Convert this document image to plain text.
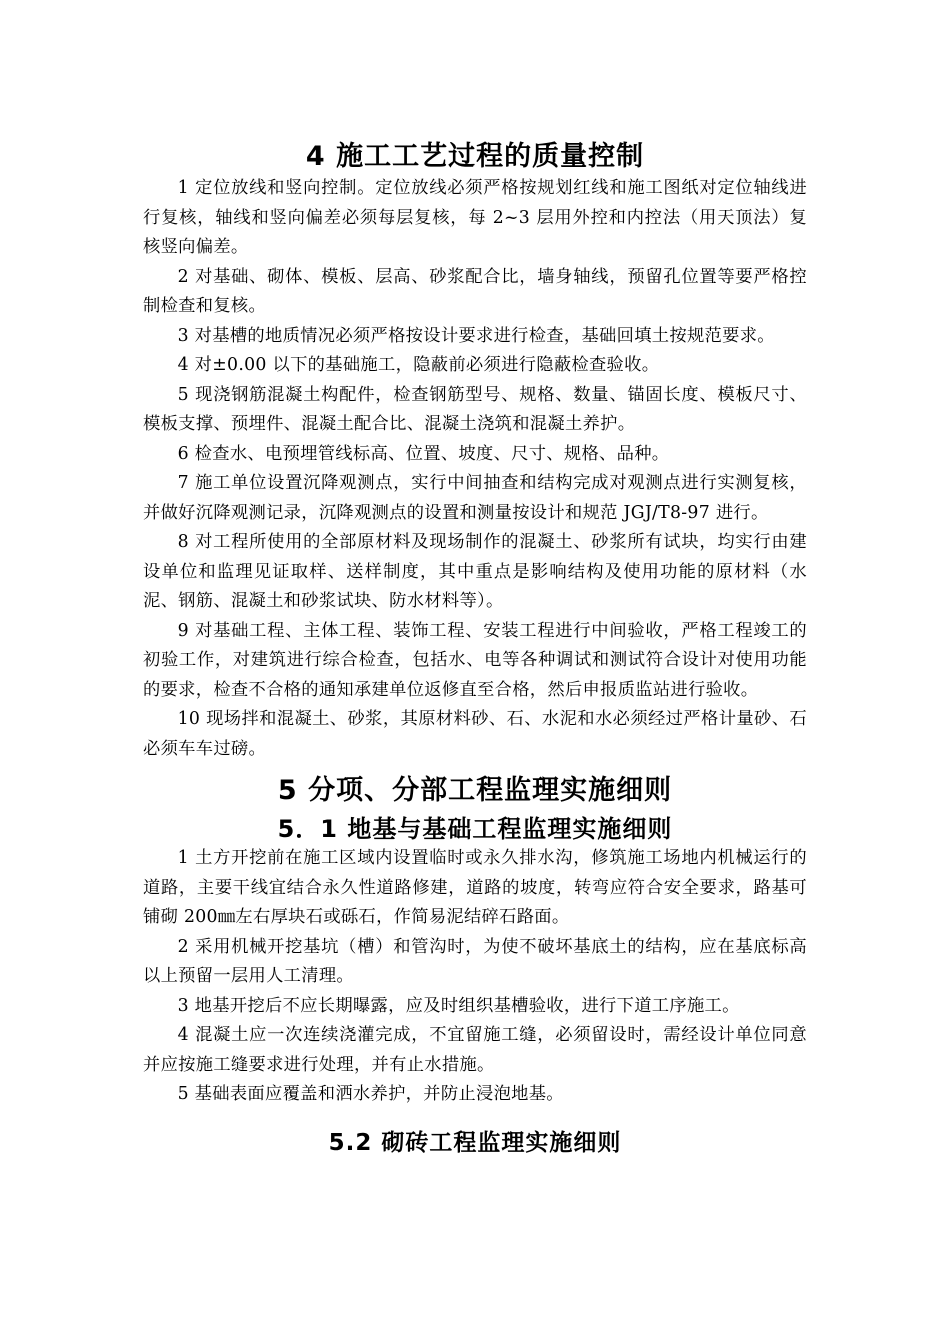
4 施工工艺过程的质量控制

1 定位放线和竖向控制。定位放线必须严格按规划红线和施工图纸对定位轴线进行复核，轴线和竖向偏差必须每层复核，每 2~3 层用外控和内控法（用天顶法）复核竖向偏差。

2 对基础、砌体、模板、层高、砂浆配合比，墙身轴线，预留孔位置等要严格控制检查和复核。

3 对基槽的地质情况必须严格按设计要求进行检查，基础回填土按规范要求。

4 对±0.00 以下的基础施工，隐蔽前必须进行隐蔽检查验收。

5 现浇钢筋混凝土构配件，检查钢筋型号、规格、数量、锚固长度、模板尺寸、模板支撑、预埋件、混凝土配合比、混凝土浇筑和混凝土养护。

6 检查水、电预埋管线标高、位置、坡度、尺寸、规格、品种。

7 施工单位设置沉降观测点，实行中间抽查和结构完成对观测点进行实测复核，并做好沉降观测记录，沉降观测点的设置和测量按设计和规范 JGJ/T8-97 进行。

8 对工程所使用的全部原材料及现场制作的混凝土、砂浆所有试块，均实行由建设单位和监理见证取样、送样制度，其中重点是影响结构及使用功能的原材料（水泥、钢筋、混凝土和砂浆试块、防水材料等）。

9 对基础工程、主体工程、装饰工程、安装工程进行中间验收，严格工程竣工的初验工作，对建筑进行综合检查，包括水、电等各种调试和测试符合设计对使用功能的要求，检查不合格的通知承建单位返修直至合格，然后申报质监站进行验收。

10 现场拌和混凝土、砂浆，其原材料砂、石、水泥和水必须经过严格计量砂、石必须车车过磅。

5 分项、分部工程监理实施细则
5．1 地基与基础工程监理实施细则

1 土方开挖前在施工区域内设置临时或永久排水沟，修筑施工场地内机械运行的道路，主要干线宜结合永久性道路修建，道路的坡度，转弯应符合安全要求，路基可铺砌 200㎜左右厚块石或砾石，作简易泥结碎石路面。

2 采用机械开挖基坑（槽）和管沟时，为使不破坏基底土的结构，应在基底标高以上预留一层用人工清理。

3 地基开挖后不应长期曝露，应及时组织基槽验收，进行下道工序施工。

4 混凝土应一次连续浇灌完成，不宜留施工缝，必须留设时，需经设计单位同意并应按施工缝要求进行处理，并有止水措施。

5 基础表面应覆盖和洒水养护，并防止浸泡地基。

5.2 砌砖工程监理实施细则
